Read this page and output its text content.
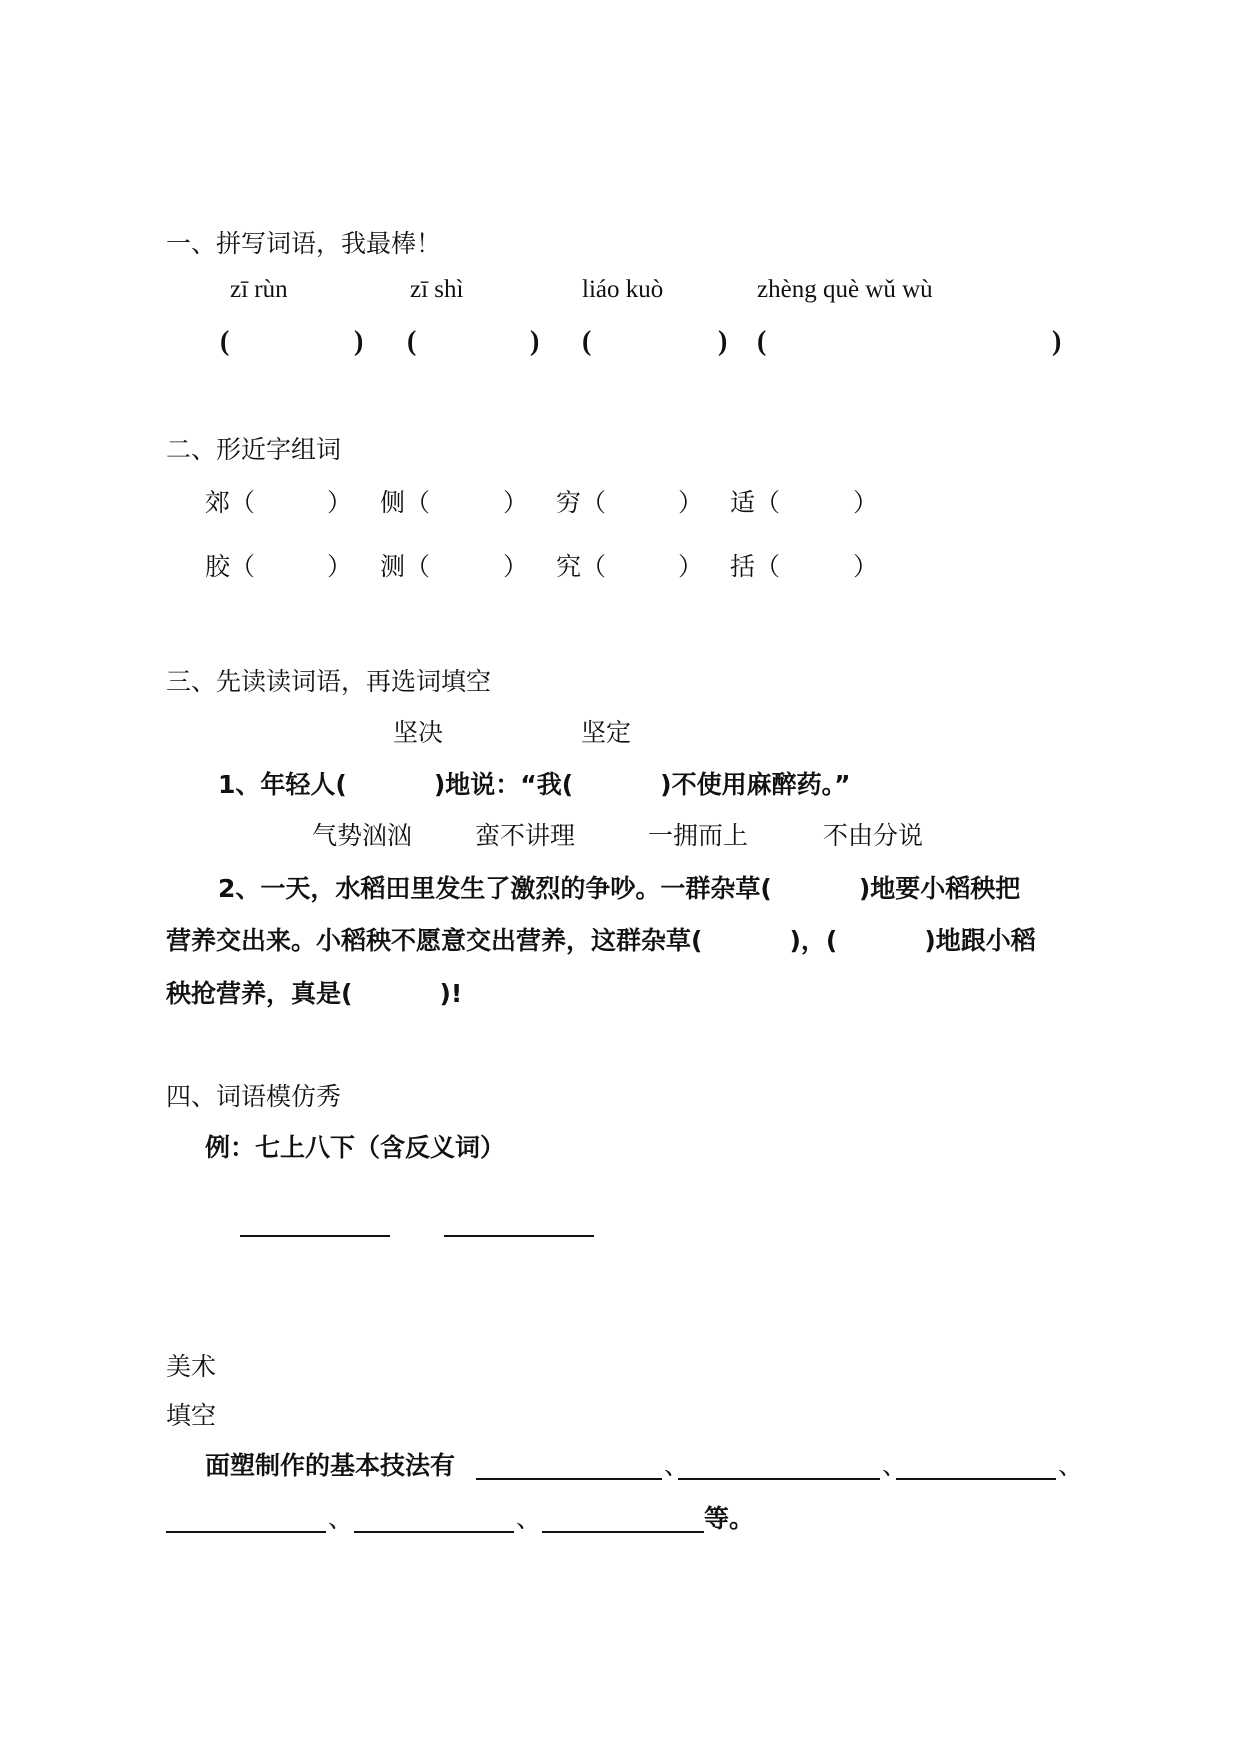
一、拼写词语，我最棒！
zī rùn	zī shì	liáo kuò	zhèng què wǔ wù
(	) (	) (	) (	)
二、形近字组词
郊（	） 侧（	） 穷（	） 适（	）
胶（	） 测（	） 究（	） 括（	）
三、先读读词语，再选词填空
坚决	坚定
1、年轻人(          )地说：“我(          )不使用麻醉药。”
气势汹汹	蛮不讲理	一拥而上	不由分说
2、一天，水稻田里发生了激烈的争吵。一群杂草(          )地要小稻秧把
营养交出来。小稻秧不愿意交出营养，这群杂草(          )，(          )地跟小稻
秧抢营养，真是(          )!
四、词语模仿秀
例：七上八下（含反义词）
美术
填空
面塑制作的基本技法有	、	、	、
、	、	等。
